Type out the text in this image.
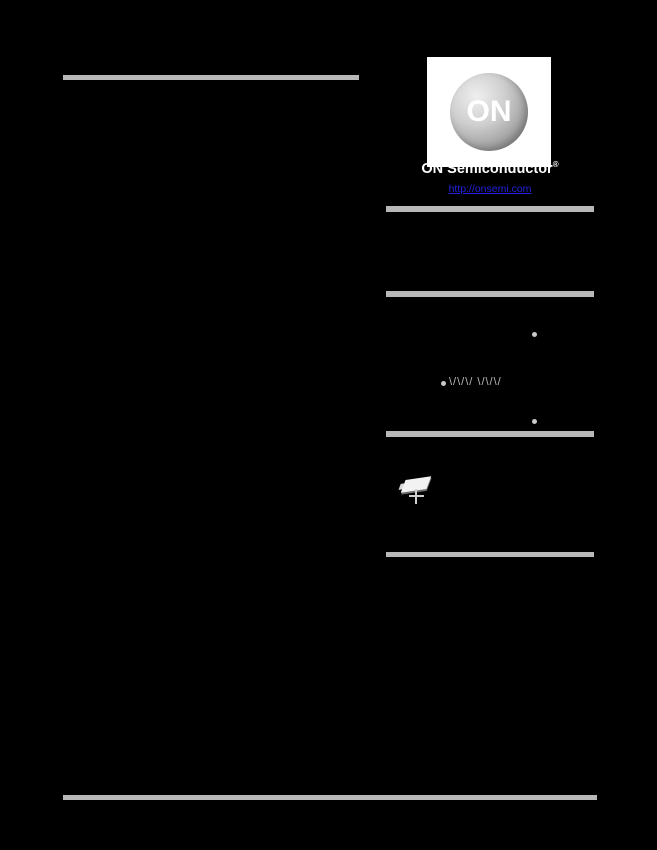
ON
ON Semiconductor®
http://onsemi.com
\/\/\/ \/\/\/
